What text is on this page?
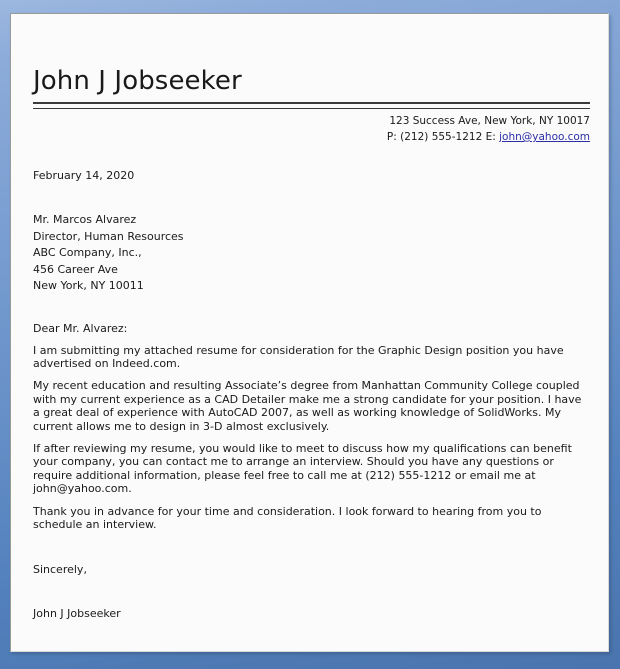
John J Jobseeker
123 Success Ave, New York, NY 10017
P: (212) 555-1212 E: john@yahoo.com
February 14, 2020
Mr. Marcos Alvarez
Director, Human Resources
ABC Company, Inc.,
456 Career Ave
New York, NY 10011
Dear Mr. Alvarez:
I am submitting my attached resume for consideration for the Graphic Design position you have advertised on Indeed.com.
My recent education and resulting Associate’s degree from Manhattan Community College coupled with my current experience as a CAD Detailer make me a strong candidate for your position. I have a great deal of experience with AutoCAD 2007, as well as working knowledge of SolidWorks. My current allows me to design in 3-D almost exclusively.
If after reviewing my resume, you would like to meet to discuss how my qualifications can benefit your company, you can contact me to arrange an interview. Should you have any questions or require additional information, please feel free to call me at (212) 555-1212 or email me at john@yahoo.com.
Thank you in advance for your time and consideration. I look forward to hearing from you to schedule an interview.
Sincerely,
John J Jobseeker
